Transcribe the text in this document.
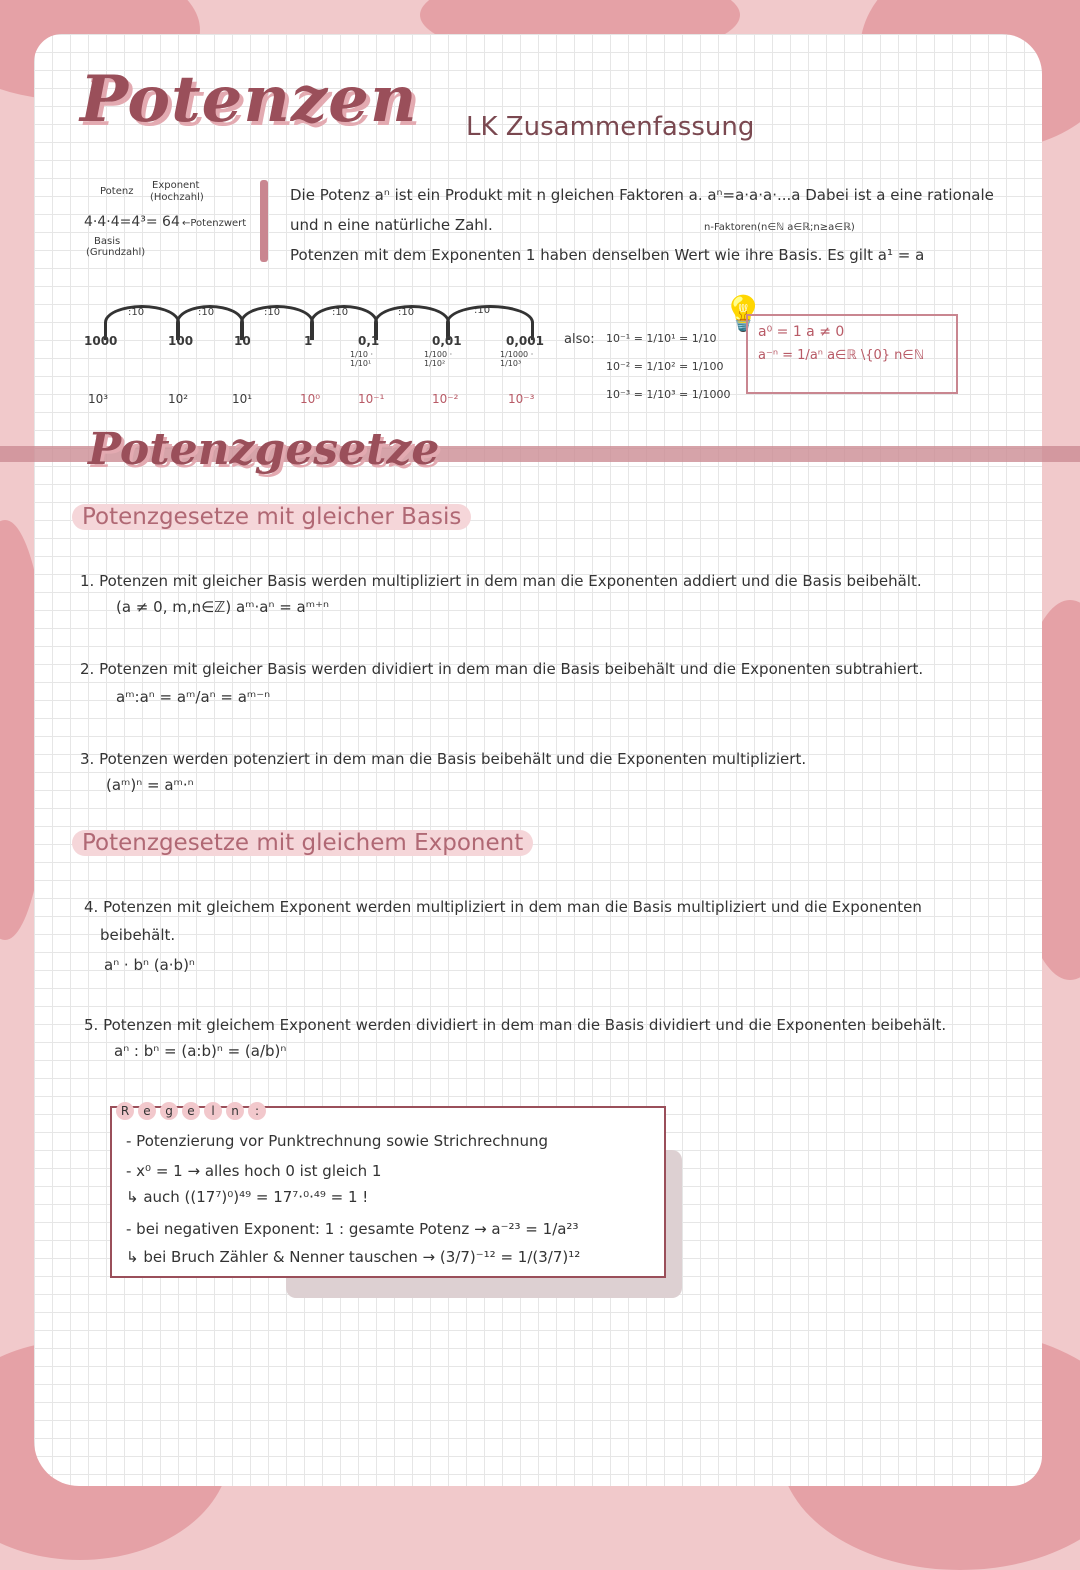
Potenzen LK Zusammenfassung
Potenz
Exponent
(Hochzahl)
4·4·4=4³= 64 ←Potenzwert
Basis
(Grundzahl)
Die Potenz aⁿ ist ein Produkt mit n gleichen Faktoren a. aⁿ=a·a·a·...a Dabei ist a eine rationale
und n eine natürliche Zahl.	n-Faktoren(n∈ℕ a∈ℝ;n≥a∈ℝ)
Potenzen mit dem Exponenten 1 haben denselben Wert wie ihre Basis. Es gilt a¹ = a
:10	:10	:10	:10	:10	:10
1000	100	10	1	0,1	0,01	0,001
1/10 · 1/10¹
1/100 · 1/10²
1/1000 · 1/10³
10³	10²	10¹	10⁰	10⁻¹	10⁻²	10⁻³
also: 10⁻¹ = 1/10¹ = 1/10
10⁻² = 1/10² = 1/100
10⁻³ = 1/10³ = 1/1000
💡
a⁰ = 1 a ≠ 0
a⁻ⁿ = 1/aⁿ a∈ℝ \{0} n∈ℕ
Potenzgesetze
Potenzgesetze mit gleicher Basis
1. Potenzen mit gleicher Basis werden multipliziert in dem man die Exponenten addiert und die Basis beibehält.
(a ≠ 0, m,n∈ℤ) aᵐ·aⁿ = aᵐ⁺ⁿ
2. Potenzen mit gleicher Basis werden dividiert in dem man die Basis beibehält und die Exponenten subtrahiert.
aᵐ:aⁿ = aᵐ/aⁿ = aᵐ⁻ⁿ
3. Potenzen werden potenziert in dem man die Basis beibehält und die Exponenten multipliziert.
(aᵐ)ⁿ = aᵐ·ⁿ
Potenzgesetze mit gleichem Exponent
4. Potenzen mit gleichem Exponent werden multipliziert in dem man die Basis multipliziert und die Exponenten
beibehält.
aⁿ · bⁿ (a·b)ⁿ
5. Potenzen mit gleichem Exponent werden dividiert in dem man die Basis dividiert und die Exponenten beibehält.
aⁿ : bⁿ = (a:b)ⁿ = (a/b)ⁿ
R e g e l n :
- Potenzierung vor Punktrechnung sowie Strichrechnung
- x⁰ = 1 → alles hoch 0 ist gleich 1
↳ auch ((17⁷)⁰)⁴⁹ = 17⁷·⁰·⁴⁹ = 1 !
- bei negativen Exponent: 1 : gesamte Potenz → a⁻²³ = 1/a²³
↳ bei Bruch Zähler & Nenner tauschen → (3/7)⁻¹² = 1/(3/7)¹²
